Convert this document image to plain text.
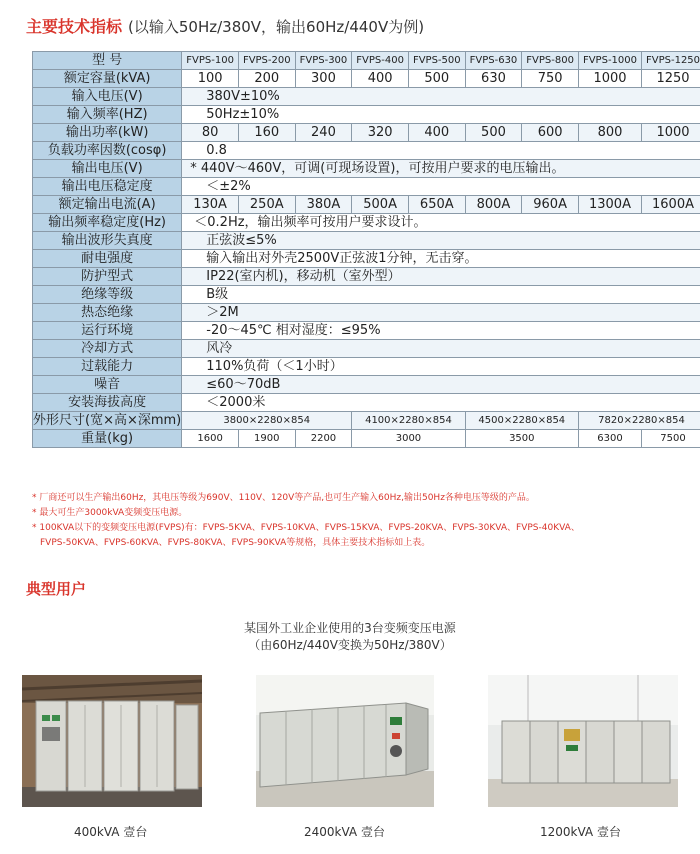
主要技术指标 (以输入50Hz/380V，输出60Hz/440V为例)
型 号	FVPS-100	FVPS-200	FVPS-300	FVPS-400	FVPS-500	FVPS-630	FVPS-800	FVPS-1000	FVPS-1250
额定容量(kVA)	100	200	300	400	500	630	750	1000	1250
输入电压(V)	380V±10%								
输入频率(HZ)	50Hz±10%								
输出功率(kW)	80	160	240	320	400	500	600	800	1000
负载功率因数(cosφ)	0.8								
输出电压(V)	* 440V～460V，可调(可现场设置)，可按用户要求的电压输出。								
输出电压稳定度	＜±2%								
额定输出电流(A)	130A	250A	380A	500A	650A	800A	960A	1300A	1600A
输出频率稳定度(Hz)	＜0.2Hz，输出频率可按用户要求设计。								
输出波形失真度	正弦波≤5%								
耐电强度	输入输出对外壳2500V正弦波1分钟，无击穿。								
防护型式	IP22(室内机)，移动机（室外型）								
绝缘等级	B级								
热态绝缘	＞2M								
运行环境	-20～45℃ 相对湿度：≤95%								
冷却方式	风冷								
过载能力	110%负荷（＜1小时）								
噪音	≤60～70dB								
安装海拔高度	＜2000米								
外形尺寸(宽×高×深mm)	3800×2280×854			4100×2280×854		4500×2280×854		7820×2280×854	
重量(kg)	1600	1900	2200	3000		3500		6300	7500
* 厂商还可以生产输出60Hz，其电压等级为690V、110V、120V等产品,也可生产输入60Hz,输出50Hz各种电压等级的产品。
* 最大可生产3000kVA变频变压电源。
* 100KVA以下的变频变压电源(FVPS)有：FVPS-5KVA、FVPS-10KVA、FVPS-15KVA、FVPS-20KVA、FVPS-30KVA、FVPS-40KVA、
FVPS-50KVA、FVPS-60KVA、FVPS-80KVA、FVPS-90KVA等规格，具体主要技术指标如上表。
典型用户
某国外工业企业使用的3台变频变压电源
（由60Hz/440V变换为50Hz/380V）
400kVA 壹台	2400kVA 壹台	1200kVA 壹台
